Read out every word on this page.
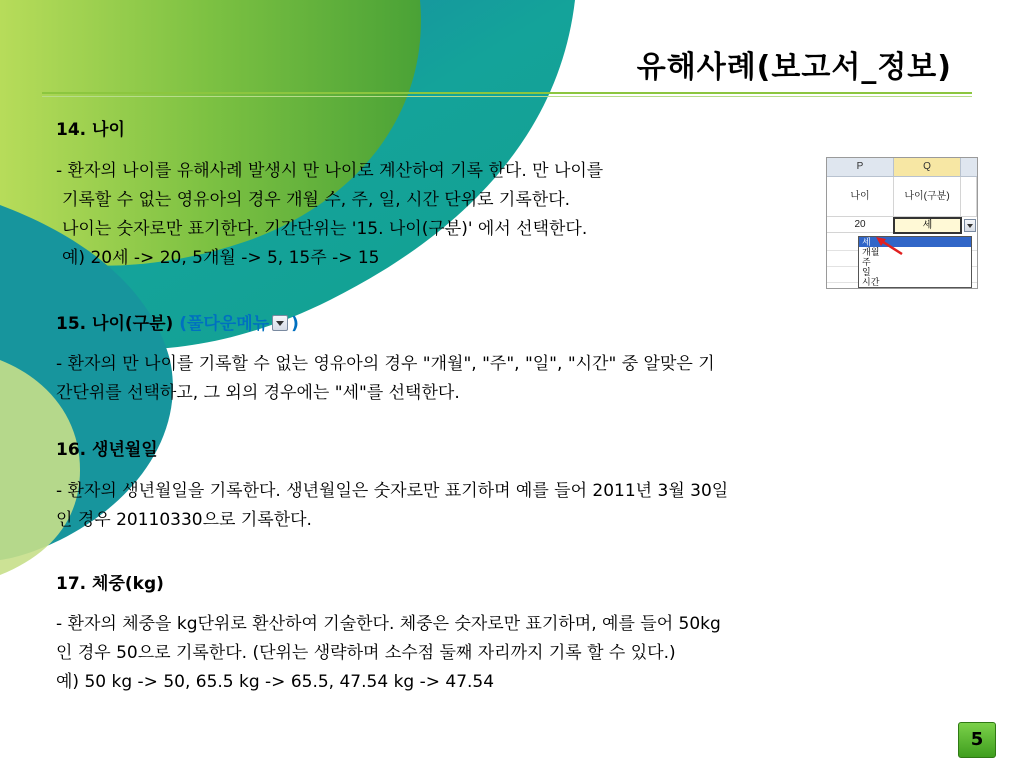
유해사례(보고서_정보)
14. 나이
- 환자의 나이를 유해사례 발생시 만 나이로 계산하여 기록 한다. 만 나이를
기록할 수 없는 영유아의 경우 개월 수, 주, 일, 시간 단위로 기록한다.
나이는 숫자로만 표기한다. 기간단위는 '15. 나이(구분)' 에서 선택한다.
예) 20세 -> 20, 5개월 -> 5, 15주 -> 15
15. 나이(구분) (풀다운메뉴 )
- 환자의 만 나이를 기록할 수 없는 영유아의 경우 "개월", "주", "일", "시간" 중 알맞은 기
간단위를 선택하고, 그 외의 경우에는 "세"를 선택한다.
16. 생년월일
- 환자의 생년월일을 기록한다. 생년월일은 숫자로만 표기하며 예를 들어 2011년 3월 30일
인 경우 20110330으로 기록한다.
17. 체중(kg)
- 환자의 체중을 kg단위로 환산하여 기술한다. 체중은 숫자로만 표기하며, 예를 들어 50kg
인 경우 50으로 기록한다. (단위는 생략하며 소수점 둘째 자리까지 기록 할 수 있다.)
예) 50 kg -> 50, 65.5 kg -> 65.5, 47.54 kg -> 47.54
P	Q
나이	나이(구분)
20	세
세
개월
주
일
시간
5
